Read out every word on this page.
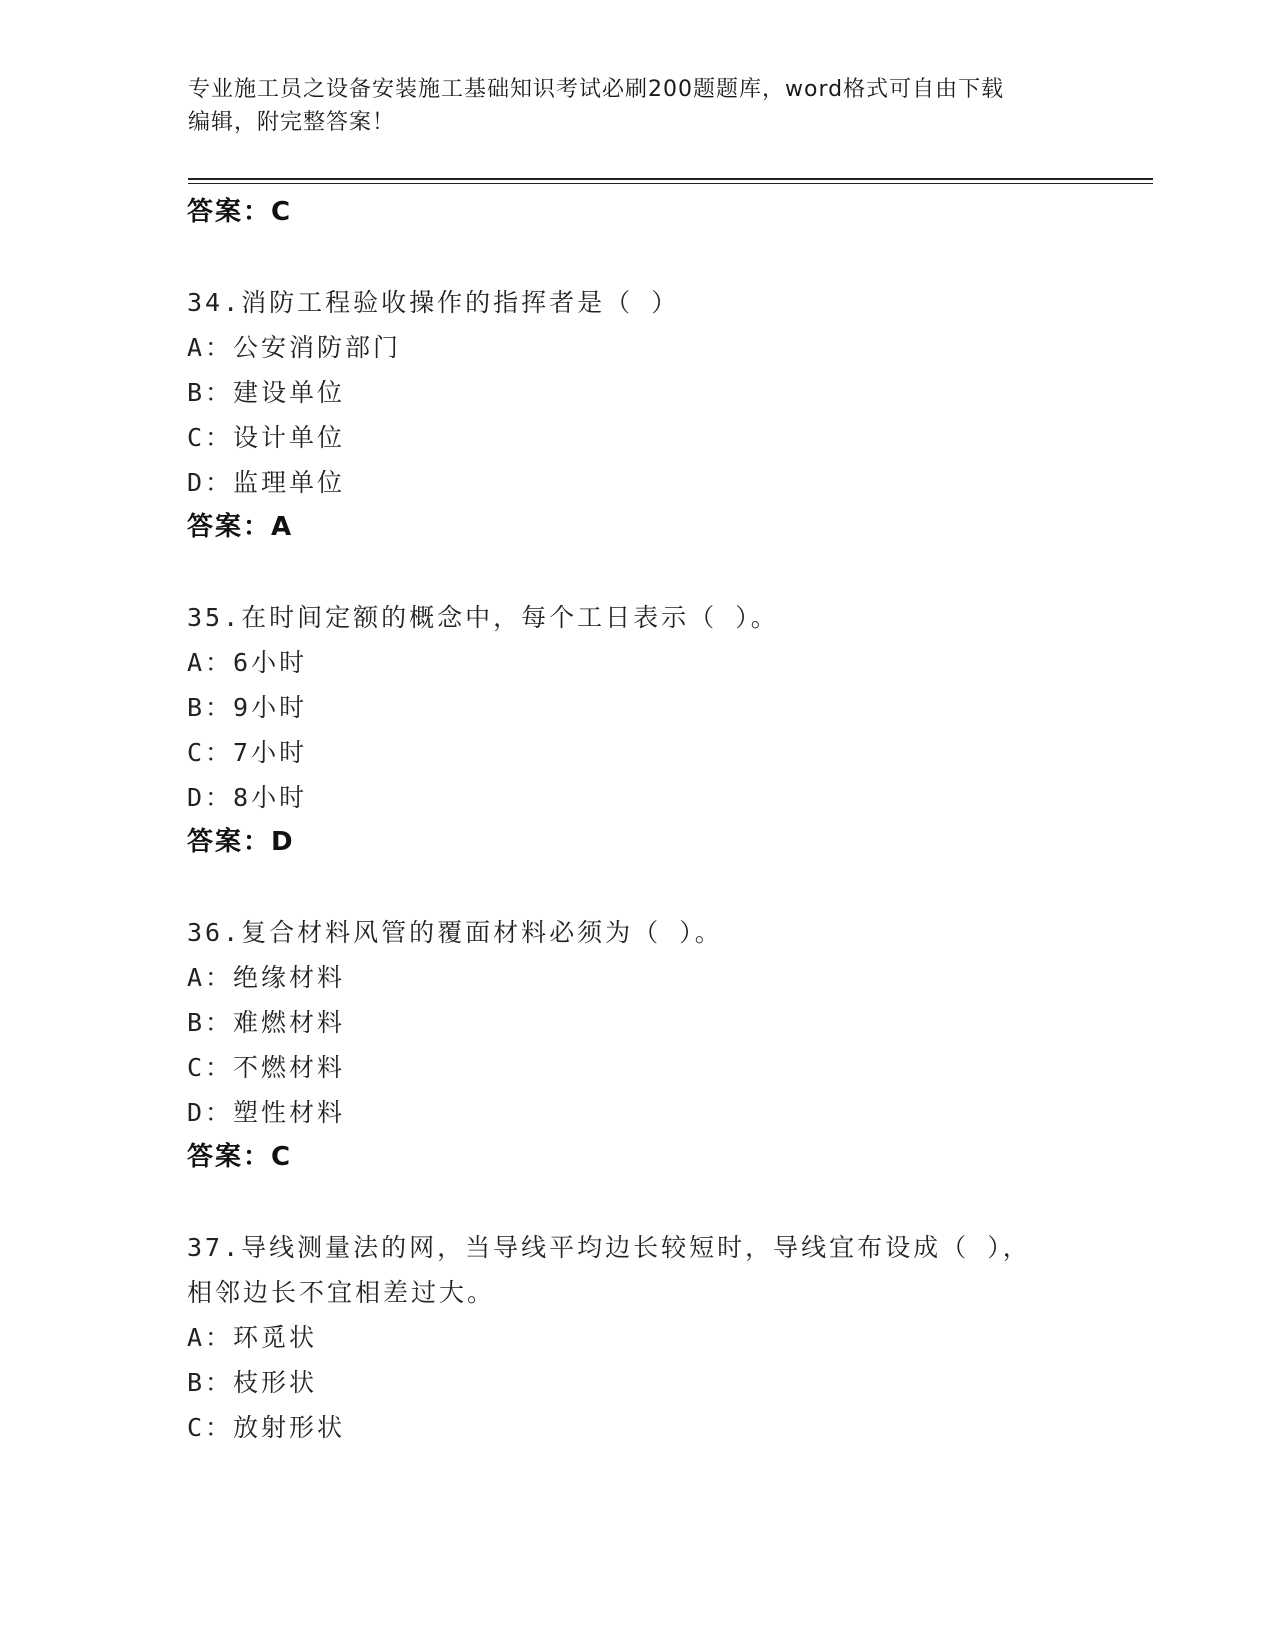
专业施工员之设备安装施工基础知识考试必刷200题题库，word格式可自由下载
编辑，附完整答案！
答案：C
34.消防工程验收操作的指挥者是（ ）
A：公安消防部门
B：建设单位
C：设计单位
D：监理单位
答案：A
35.在时间定额的概念中，每个工日表示（ ）。
A：6小时
B：9小时
C：7小时
D：8小时
答案：D
36.复合材料风管的覆面材料必须为（ ）。
A：绝缘材料
B：难燃材料
C：不燃材料
D：塑性材料
答案：C
37.导线测量法的网，当导线平均边长较短时，导线宜布设成（ ），
相邻边长不宜相差过大。
A：环觅状
B：枝形状
C：放射形状
